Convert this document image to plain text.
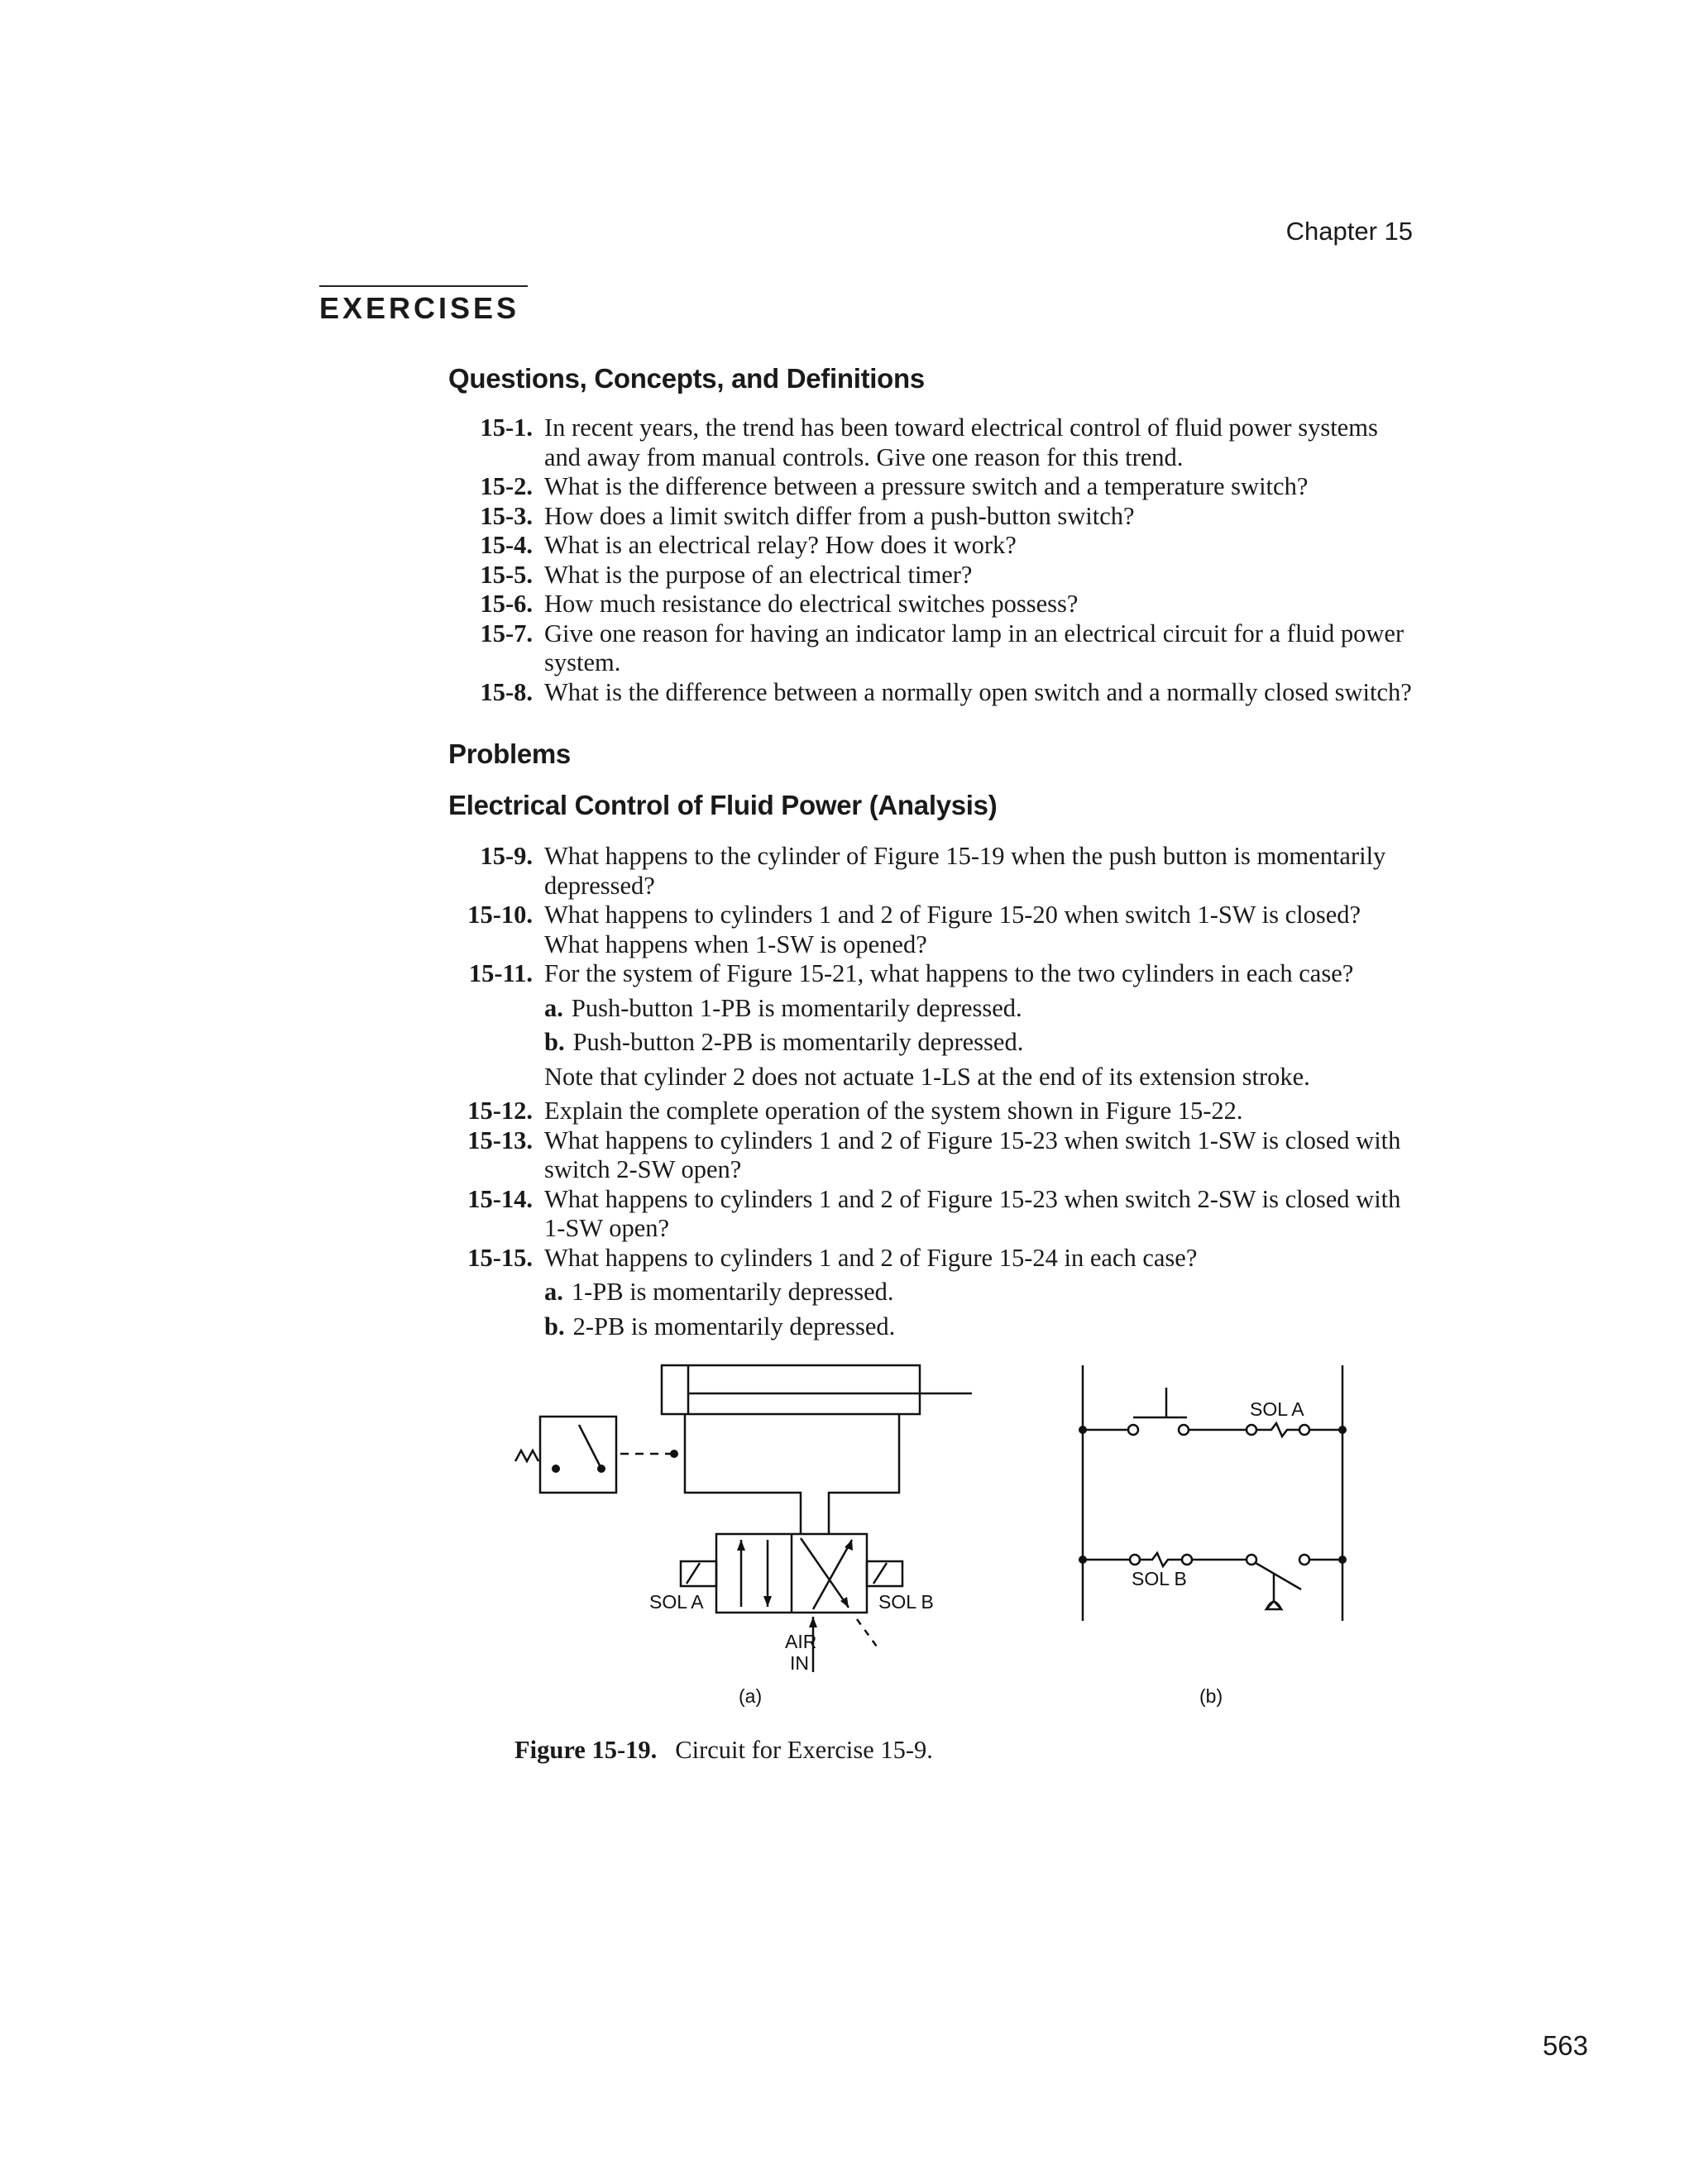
Chapter 15
EXERCISES
Questions, Concepts, and Definitions
15-1. In recent years, the trend has been toward electrical control of fluid power systems and away from manual controls. Give one reason for this trend.
15-2. What is the difference between a pressure switch and a temperature switch?
15-3. How does a limit switch differ from a push-button switch?
15-4. What is an electrical relay? How does it work?
15-5. What is the purpose of an electrical timer?
15-6. How much resistance do electrical switches possess?
15-7. Give one reason for having an indicator lamp in an electrical circuit for a fluid power system.
15-8. What is the difference between a normally open switch and a normally closed switch?
Problems
Electrical Control of Fluid Power (Analysis)
15-9. What happens to the cylinder of Figure 15-19 when the push button is momentarily depressed?
15-10. What happens to cylinders 1 and 2 of Figure 15-20 when switch 1-SW is closed? What happens when 1-SW is opened?
15-11. For the system of Figure 15-21, what happens to the two cylinders in each case?
a. Push-button 1-PB is momentarily depressed.
b. Push-button 2-PB is momentarily depressed.
Note that cylinder 2 does not actuate 1-LS at the end of its extension stroke.
15-12. Explain the complete operation of the system shown in Figure 15-22.
15-13. What happens to cylinders 1 and 2 of Figure 15-23 when switch 1-SW is closed with switch 2-SW open?
15-14. What happens to cylinders 1 and 2 of Figure 15-23 when switch 2-SW is closed with 1-SW open?
15-15. What happens to cylinders 1 and 2 of Figure 15-24 in each case?
a. 1-PB is momentarily depressed.
b. 2-PB is momentarily depressed.
SOL A	SOL B
AIR
IN
(a)	(b)
SOL A
SOL B
Figure 15-19. Circuit for Exercise 15-9.
563
